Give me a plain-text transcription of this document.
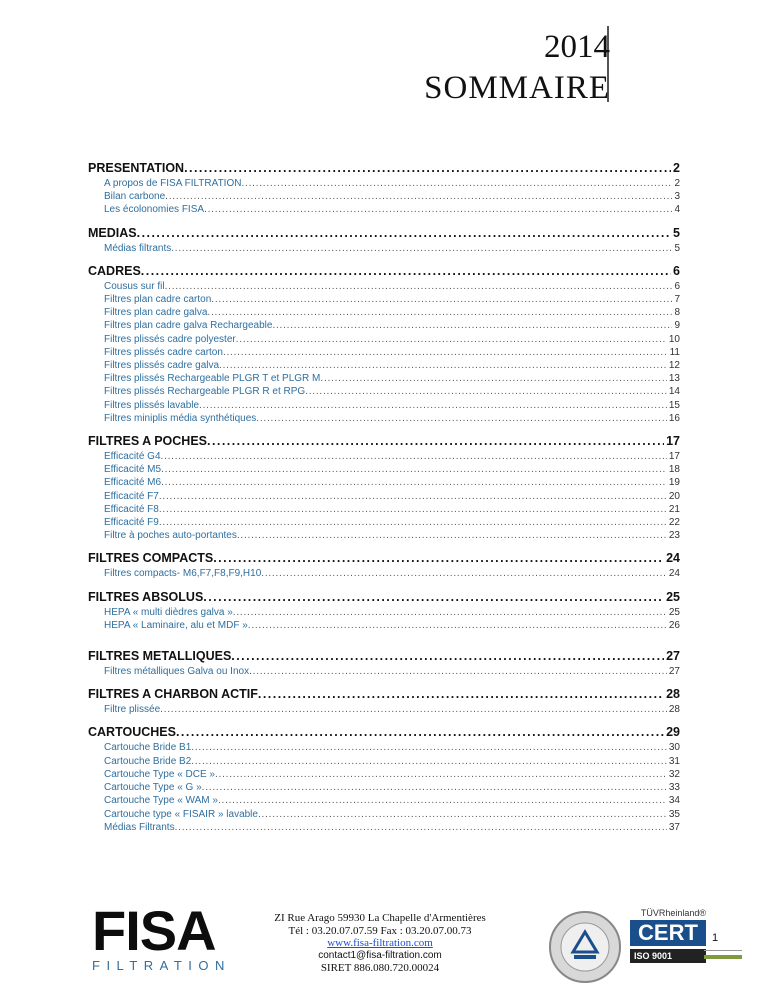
2014
SOMMAIRE
PRESENTATION . . .	2
A propos de FISA FILTRATION . . .	2
Bilan carbone . . .	3
Les écolonomies FISA . . .	4
MEDIAS . . .	5
Médias filtrants . . .	5
CADRES . . .	6
Cousus sur fil . . .	6
Filtres plan cadre carton . . .	7
Filtres plan cadre galva . . .	8
Filtres plan cadre galva Rechargeable . . .	9
Filtres plissés cadre polyester . . .	10
Filtres plissés cadre carton . . .	11
Filtres plissés cadre galva . . .	12
Filtres plissés Rechargeable PLGR T et PLGR M . . .	13
Filtres plissés Rechargeable PLGR R et RPG . . .	14
Filtres plissés lavable . . .	15
Filtres miniplis média synthétiques . . .	16
FILTRES A POCHES . . .	17
Efficacité G4 . . .	17
Efficacité M5 . . .	18
Efficacité M6 . . .	19
Efficacité F7 . . .	20
Efficacité F8 . . .	21
Efficacité F9 . . .	22
Filtre à poches auto-portantes . . .	23
FILTRES COMPACTS . . .	24
Filtres compacts- M6,F7,F8,F9,H10 . . .	24
FILTRES ABSOLUS . . .	25
HEPA « multi dièdres galva » . . .	25
HEPA « Laminaire, alu et MDF » . . .	26
FILTRES METALLIQUES . . .	27
Filtres métalliques Galva ou Inox . . .	27
FILTRES A CHARBON ACTIF . . .	28
Filtre plissée . . .	28
CARTOUCHES . . .	29
Cartouche Bride B1 . . .	30
Cartouche Bride B2 . . .	31
Cartouche Type « DCE » . . .	32
Cartouche Type « G » . . .	33
Cartouche Type « WAM » . . .	34
Cartouche type « FISAIR » lavable . . .	35
Médias Filtrants . . .	37
FISA
FILTRATION
ZI Rue Arago 59930 La Chapelle d'Armentières
Tél : 03.20.07.07.59 Fax : 03.20.07.00.73
www.fisa-filtration.com
contact1@fisa-filtration.com
SIRET 886.080.720.00024
TÜVRheinland®
CERT
ISO 9001
1
